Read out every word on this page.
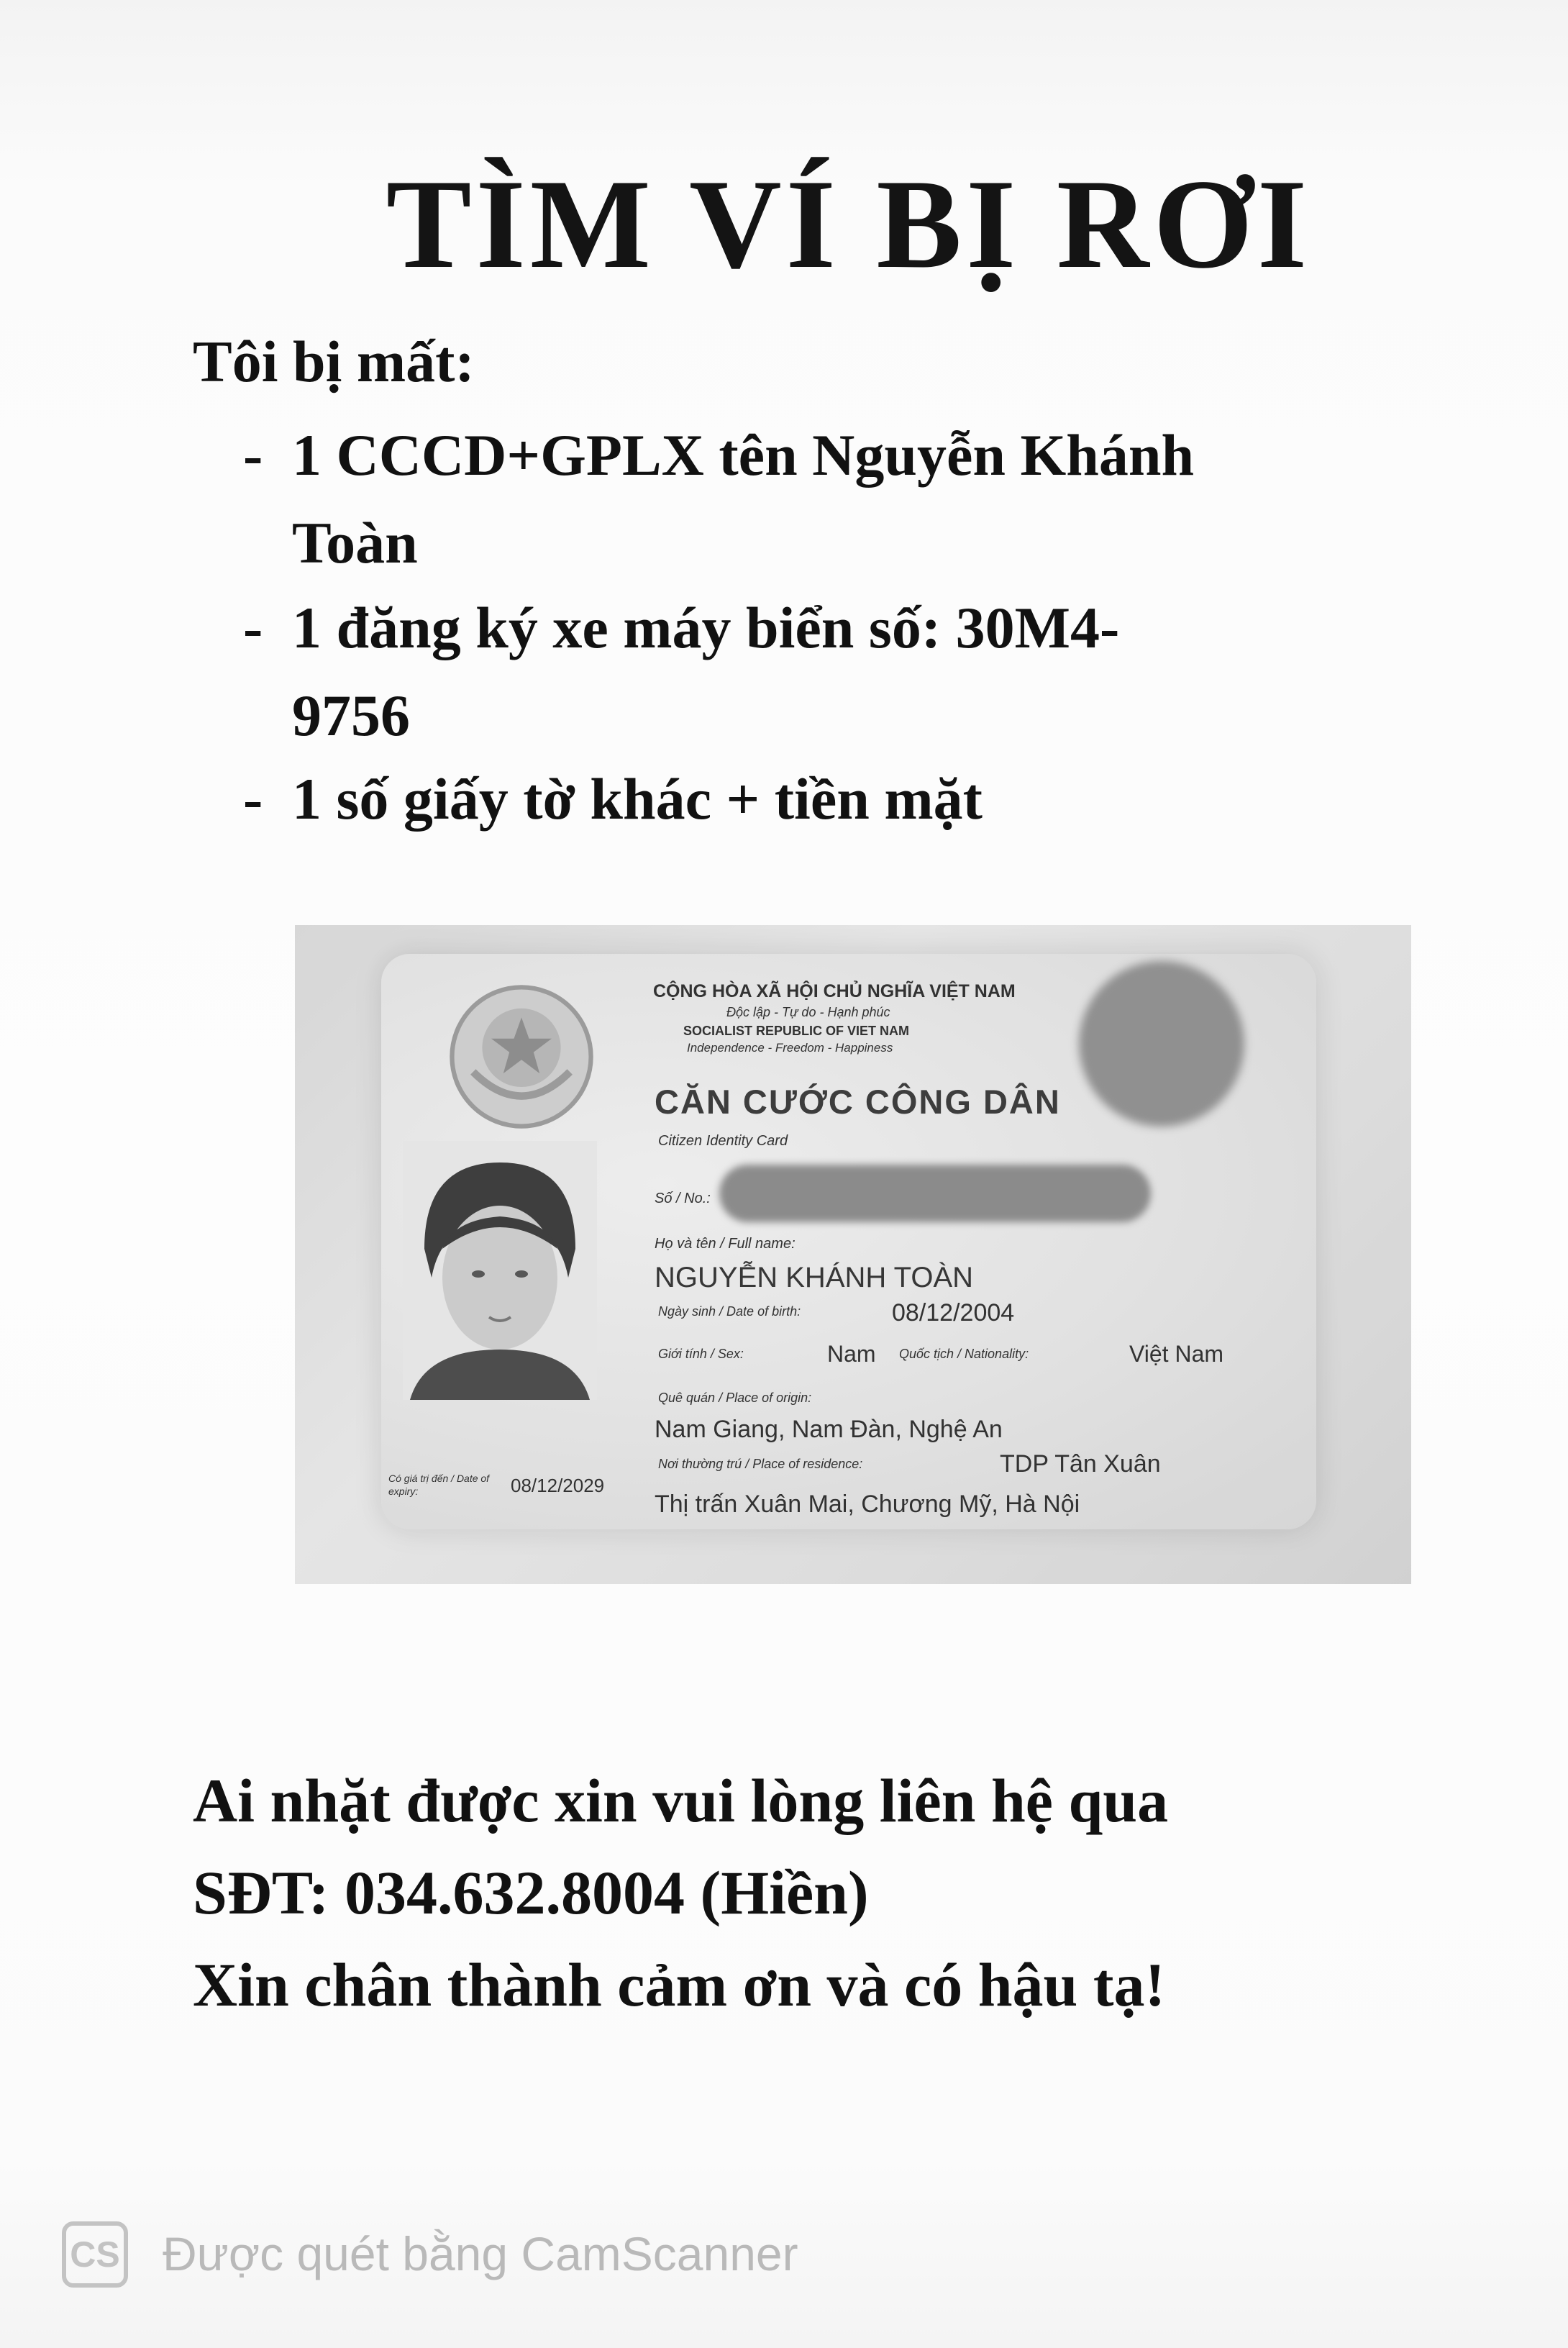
TÌM VÍ BỊ RƠI
Tôi bị mất:
- 1 CCCD+GPLX tên Nguyễn Khánh
Toàn
- 1 đăng ký xe máy biển số: 30M4-
9756
- 1 số giấy tờ khác + tiền mặt
CỘNG HÒA XÃ HỘI CHỦ NGHĨA VIỆT NAM
Độc lập - Tự do - Hạnh phúc
SOCIALIST REPUBLIC OF VIET NAM
Independence - Freedom - Happiness
CĂN CƯỚC CÔNG DÂN
Citizen Identity Card
Số / No.:
Họ và tên / Full name:
NGUYỄN KHÁNH TOÀN
Ngày sinh / Date of birth:	08/12/2004
Giới tính / Sex:	Nam Quốc tịch / Nationality:	Việt Nam
Quê quán / Place of origin:
Nam Giang, Nam Đàn, Nghệ An
Nơi thường trú / Place of residence:	TDP Tân Xuân
Thị trấn Xuân Mai, Chương Mỹ, Hà Nội
Có giá trị đến / Date of expiry:	08/12/2029
Ai nhặt được xin vui lòng liên hệ qua
SĐT: 034.632.8004 (Hiền)
Xin chân thành cảm ơn và có hậu tạ!
CS Được quét bằng CamScanner
